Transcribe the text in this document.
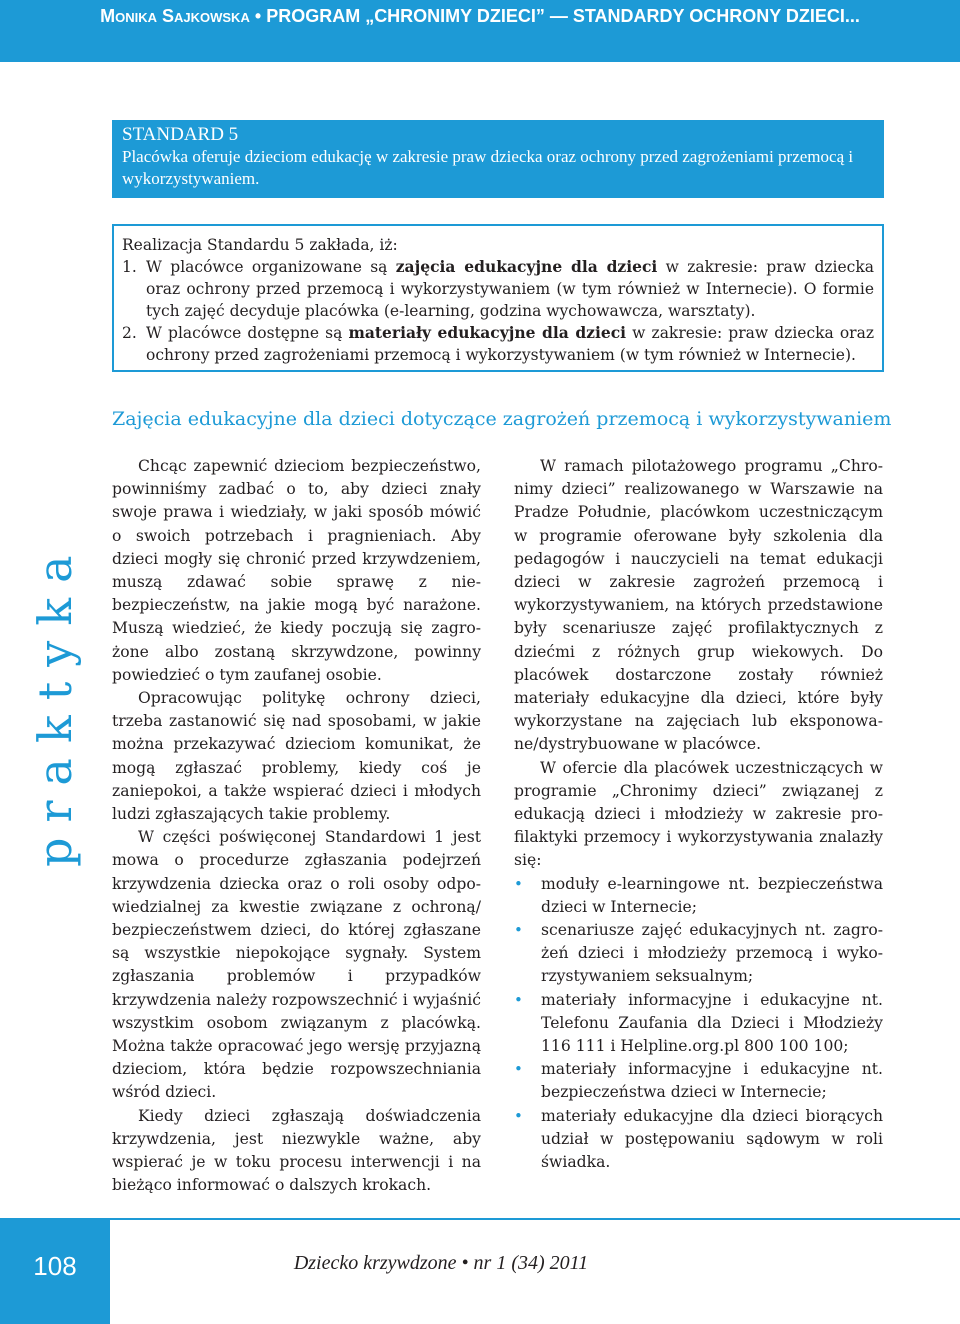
Monika Sajkowska • PROGRAM „CHRONIMY DZIECI” — STANDARDY OCHRONY DZIECI...
STANDARD 5
Placówka oferuje dzieciom edukację w zakresie praw dziecka oraz ochrony przed zagrożeniami przemocą i wykorzystywaniem.
Realizacja Standardu 5 zakłada, iż:
1. W placówce organizowane są zajęcia edukacyjne dla dzieci w zakresie: praw dziecka oraz ochrony przed przemocą i wykorzystywaniem (w tym również w Internecie). O formie tych zajęć decyduje placówka (e-learning, godzina wychowawcza, warsztaty).
2. W placówce dostępne są materiały edukacyjne dla dzieci w zakresie: praw dziecka oraz ochrony przed zagrożeniami przemocą i wykorzystywaniem (w tym również w Internecie).
Zajęcia edukacyjne dla dzieci dotyczące zagrożeń przemocą i wykorzystywaniem
praktyka

Chcąc zapewnić dzieciom bezpieczeństwo, powinniśmy zadbać o to, aby dzieci znały swoje prawa i wiedziały, w jaki sposób mówić o swoich potrzebach i pragnieniach. Aby dzieci mogły się chronić przed krzywdzeniem, muszą zdawać sobie sprawę z niebezpieczeństw, na jakie mogą być narażone. Muszą wiedzieć, że kiedy poczują się zagrożone albo zostaną skrzywdzone, powinny powiedzieć o tym zaufanej osobie.

Opracowując politykę ochrony dzieci, trzeba zastanowić się nad sposobami, w jakie można przekazywać dzieciom komunikat, że mogą zgłaszać problemy, kiedy coś je zaniepokoi, a także wspierać dzieci i młodych ludzi zgłaszających takie problemy.

W części poświęconej Standardowi 1 jest mowa o procedurze zgłaszania podejrzeń krzywdzenia dziecka oraz o roli osoby odpowiedzialnej za kwestie związane z ochroną/ bezpieczeństwem dzieci, do której zgłaszane są wszystkie niepokojące sygnały. System zgłaszania problemów i przypadków krzywdzenia należy rozpowszechnić i wyjaśnić wszystkim osobom związanym z placówką. Można także opracować jego wersję przyjazną dzieciom, która będzie rozpowszechniania wśród dzieci.

Kiedy dzieci zgłaszają doświadczenia krzywdzenia, jest niezwykle ważne, aby wspierać je w toku procesu interwencji i na bieżąco informować o dalszych krokach.

W ramach pilotażowego programu „Chronimy dzieci” realizowanego w Warszawie na Pradze Południe, placówkom uczestniczącym w programie oferowane były szkolenia dla pedagogów i nauczycieli na temat edukacji dzieci w zakresie zagrożeń przemocą i wykorzystywaniem, na których przedstawione były scenariusze zajęć profilaktycznych z dziećmi z różnych grup wiekowych. Do placówek dostarczone zostały również materiały edukacyjne dla dzieci, które były wykorzystane na zajęciach lub eksponowane/dystrybuowane w placówce.

W ofercie dla placówek uczestniczących w programie „Chronimy dzieci” związanej z edukacją dzieci i młodzieży w zakresie profilaktyki przemocy i wykorzystywania znalazły się:

• moduły e-learningowe nt. bezpieczeństwa dzieci w Internecie;
• scenariusze zajęć edukacyjnych nt. zagrożeń dzieci i młodzieży przemocą i wykorzystywaniem seksualnym;
• materiały informacyjne i edukacyjne nt. Telefonu Zaufania dla Dzieci i Młodzieży 116 111 i Helpline.org.pl 800 100 100;
• materiały informacyjne i edukacyjne nt. bezpieczeństwa dzieci w Internecie;
• materiały edukacyjne dla dzieci biorących udział w postępowaniu sądowym w roli świadka.
108	Dziecko krzywdzone • nr 1 (34) 2011
